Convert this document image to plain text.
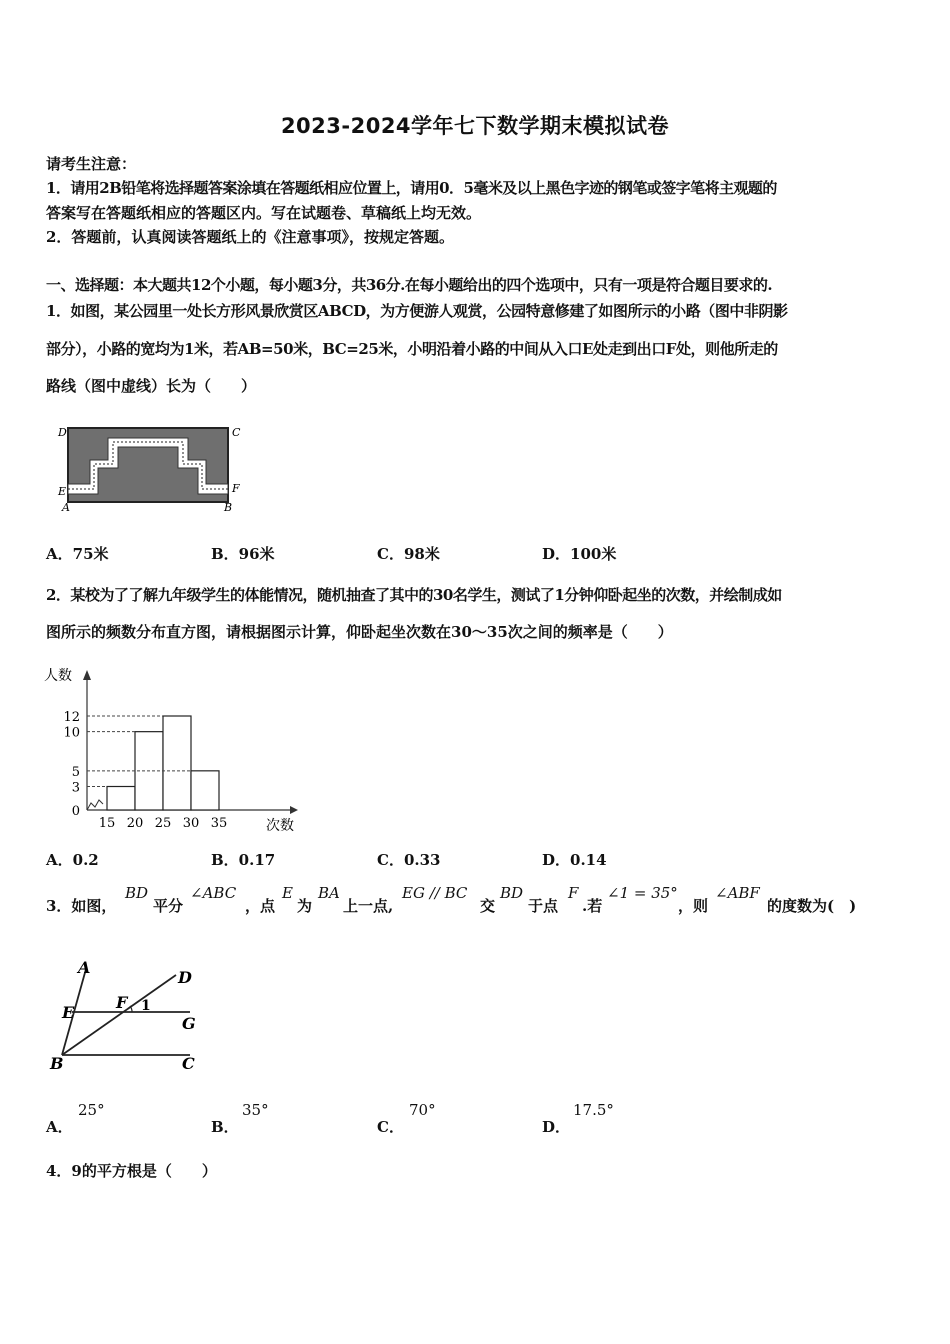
2023-2024学年七下数学期末模拟试卷
请考生注意：
1．请用2B铅笔将选择题答案涂填在答题纸相应位置上，请用0．5毫米及以上黑色字迹的钢笔或签字笔将主观题的
答案写在答题纸相应的答题区内。写在试题卷、草稿纸上均无效。
2．答题前，认真阅读答题纸上的《注意事项》，按规定答题。
一、选择题：本大题共12个小题，每小题3分，共36分.在每小题给出的四个选项中，只有一项是符合题目要求的.
1．如图，某公园里一处长方形风景欣赏区ABCD，为方便游人观赏，公园特意修建了如图所示的小路（图中非阴影
部分），小路的宽均为1米，若AB=50米，BC=25米，小明沿着小路的中间从入口E处走到出口F处，则他所走的
路线（图中虚线）长为（　　）
D	C
E	F
A	B
A．75米	B．96米	C．98米	D．100米
2．某校为了了解九年级学生的体能情况，随机抽查了其中的30名学生，测试了1分钟仰卧起坐的次数，并绘制成如
图所示的频数分布直方图，请根据图示计算，仰卧起坐次数在30～35次之间的频率是（　　）
人数
次数
15 20 25 30 35
0
3
5
10
12
A．0.2	B．0.17	C．0.33	D．0.14
3．如图，
BD
平分
∠ABC
，点
E
为
BA
上一点,
EG // BC
交
BD
于点
F
.若
∠1 = 35°
，则
∠ABF
的度数为(　)
A
D
E
F 1
G
B	C
A．
25°
B．
35°
C．
70°
D．
17.5°
4．9的平方根是（　　）
